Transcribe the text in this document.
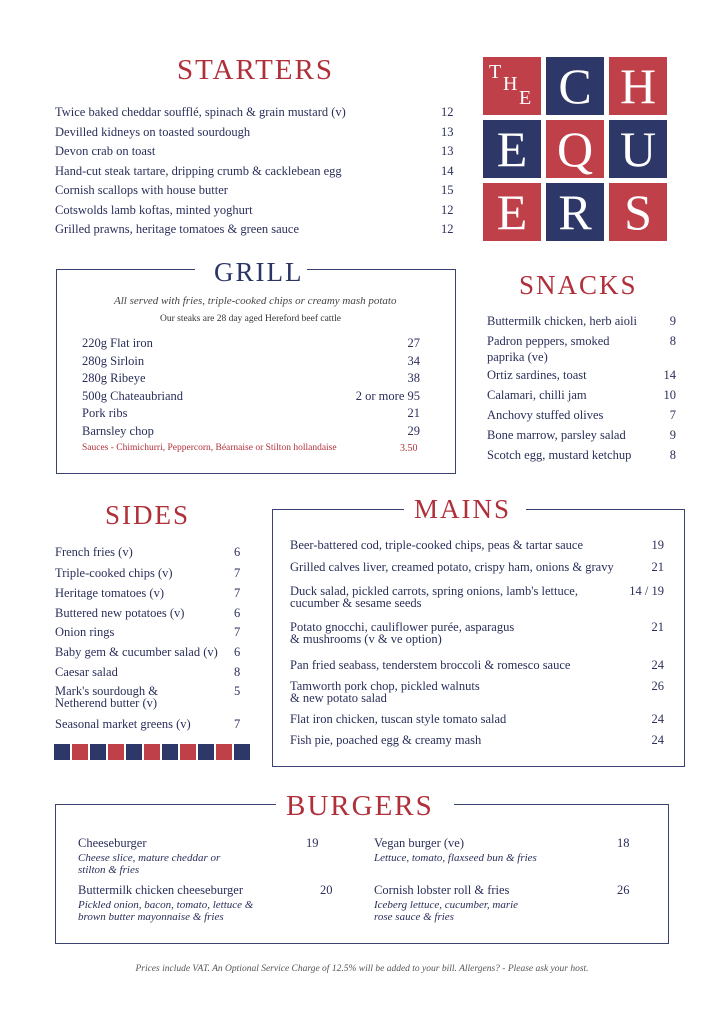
STARTERS
Twice baked cheddar soufflé, spinach & grain mustard (v)	12
Devilled kidneys on toasted sourdough	13
Devon crab on toast	13
Hand-cut steak tartare, dripping crumb & cacklebean egg	14
Cornish scallops with house butter	15
Cotswolds lamb koftas, minted yoghurt	12
Grilled prawns, heritage tomatoes & green sauce	12
T
H
E C H
E Q U
E R S
GRILL
All served with fries, triple-cooked chips or creamy mash potato
Our steaks are 28 day aged Hereford beef cattle
220g Flat iron	27
280g Sirloin	34
280g Ribeye	38
500g Chateaubriand	2 or more 95
Pork ribs	21
Barnsley chop	29
Sauces - Chimichurri, Peppercorn, Béarnaise or Stilton hollandaise	3.50
SNACKS
Buttermilk chicken, herb aioli	9
Padron peppers, smoked	8
paprika (ve)
Ortiz sardines, toast	14
Calamari, chilli jam	10
Anchovy stuffed olives	7
Bone marrow, parsley salad	9
Scotch egg, mustard ketchup	8
SIDES
French fries (v)	6
Triple-cooked chips (v)	7
Heritage tomatoes (v)	7
Buttered new potatoes (v)	6
Onion rings	7
Baby gem & cucumber salad (v) 6
Caesar salad	8
Mark's sourdough &	5
Netherend butter (v)
Seasonal market greens (v)	7
MAINS
Beer-battered cod, triple-cooked chips, peas & tartar sauce	19
Grilled calves liver, creamed potato, crispy ham, onions & gravy	21
Duck salad, pickled carrots, spring onions, lamb's lettuce,	14 / 19
cucumber & sesame seeds
Potato gnocchi, cauliflower purée, asparagus	21
& mushrooms (v & ve option)
Pan fried seabass, tenderstem broccoli & romesco sauce	24
Tamworth pork chop, pickled walnuts	26
& new potato salad
Flat iron chicken, tuscan style tomato salad	24
Fish pie, poached egg & creamy mash	24
BURGERS
Cheeseburger	19
Cheese slice, mature cheddar or
stilton & fries
Buttermilk chicken cheeseburger	20
Pickled onion, bacon, tomato, lettuce &
brown butter mayonnaise & fries
Vegan burger (ve)	18
Lettuce, tomato, flaxseed bun & fries
Cornish lobster roll & fries	26
Iceberg lettuce, cucumber, marie
rose sauce & fries
Prices include VAT. An Optional Service Charge of 12.5% will be added to your bill. Allergens? - Please ask your host.
